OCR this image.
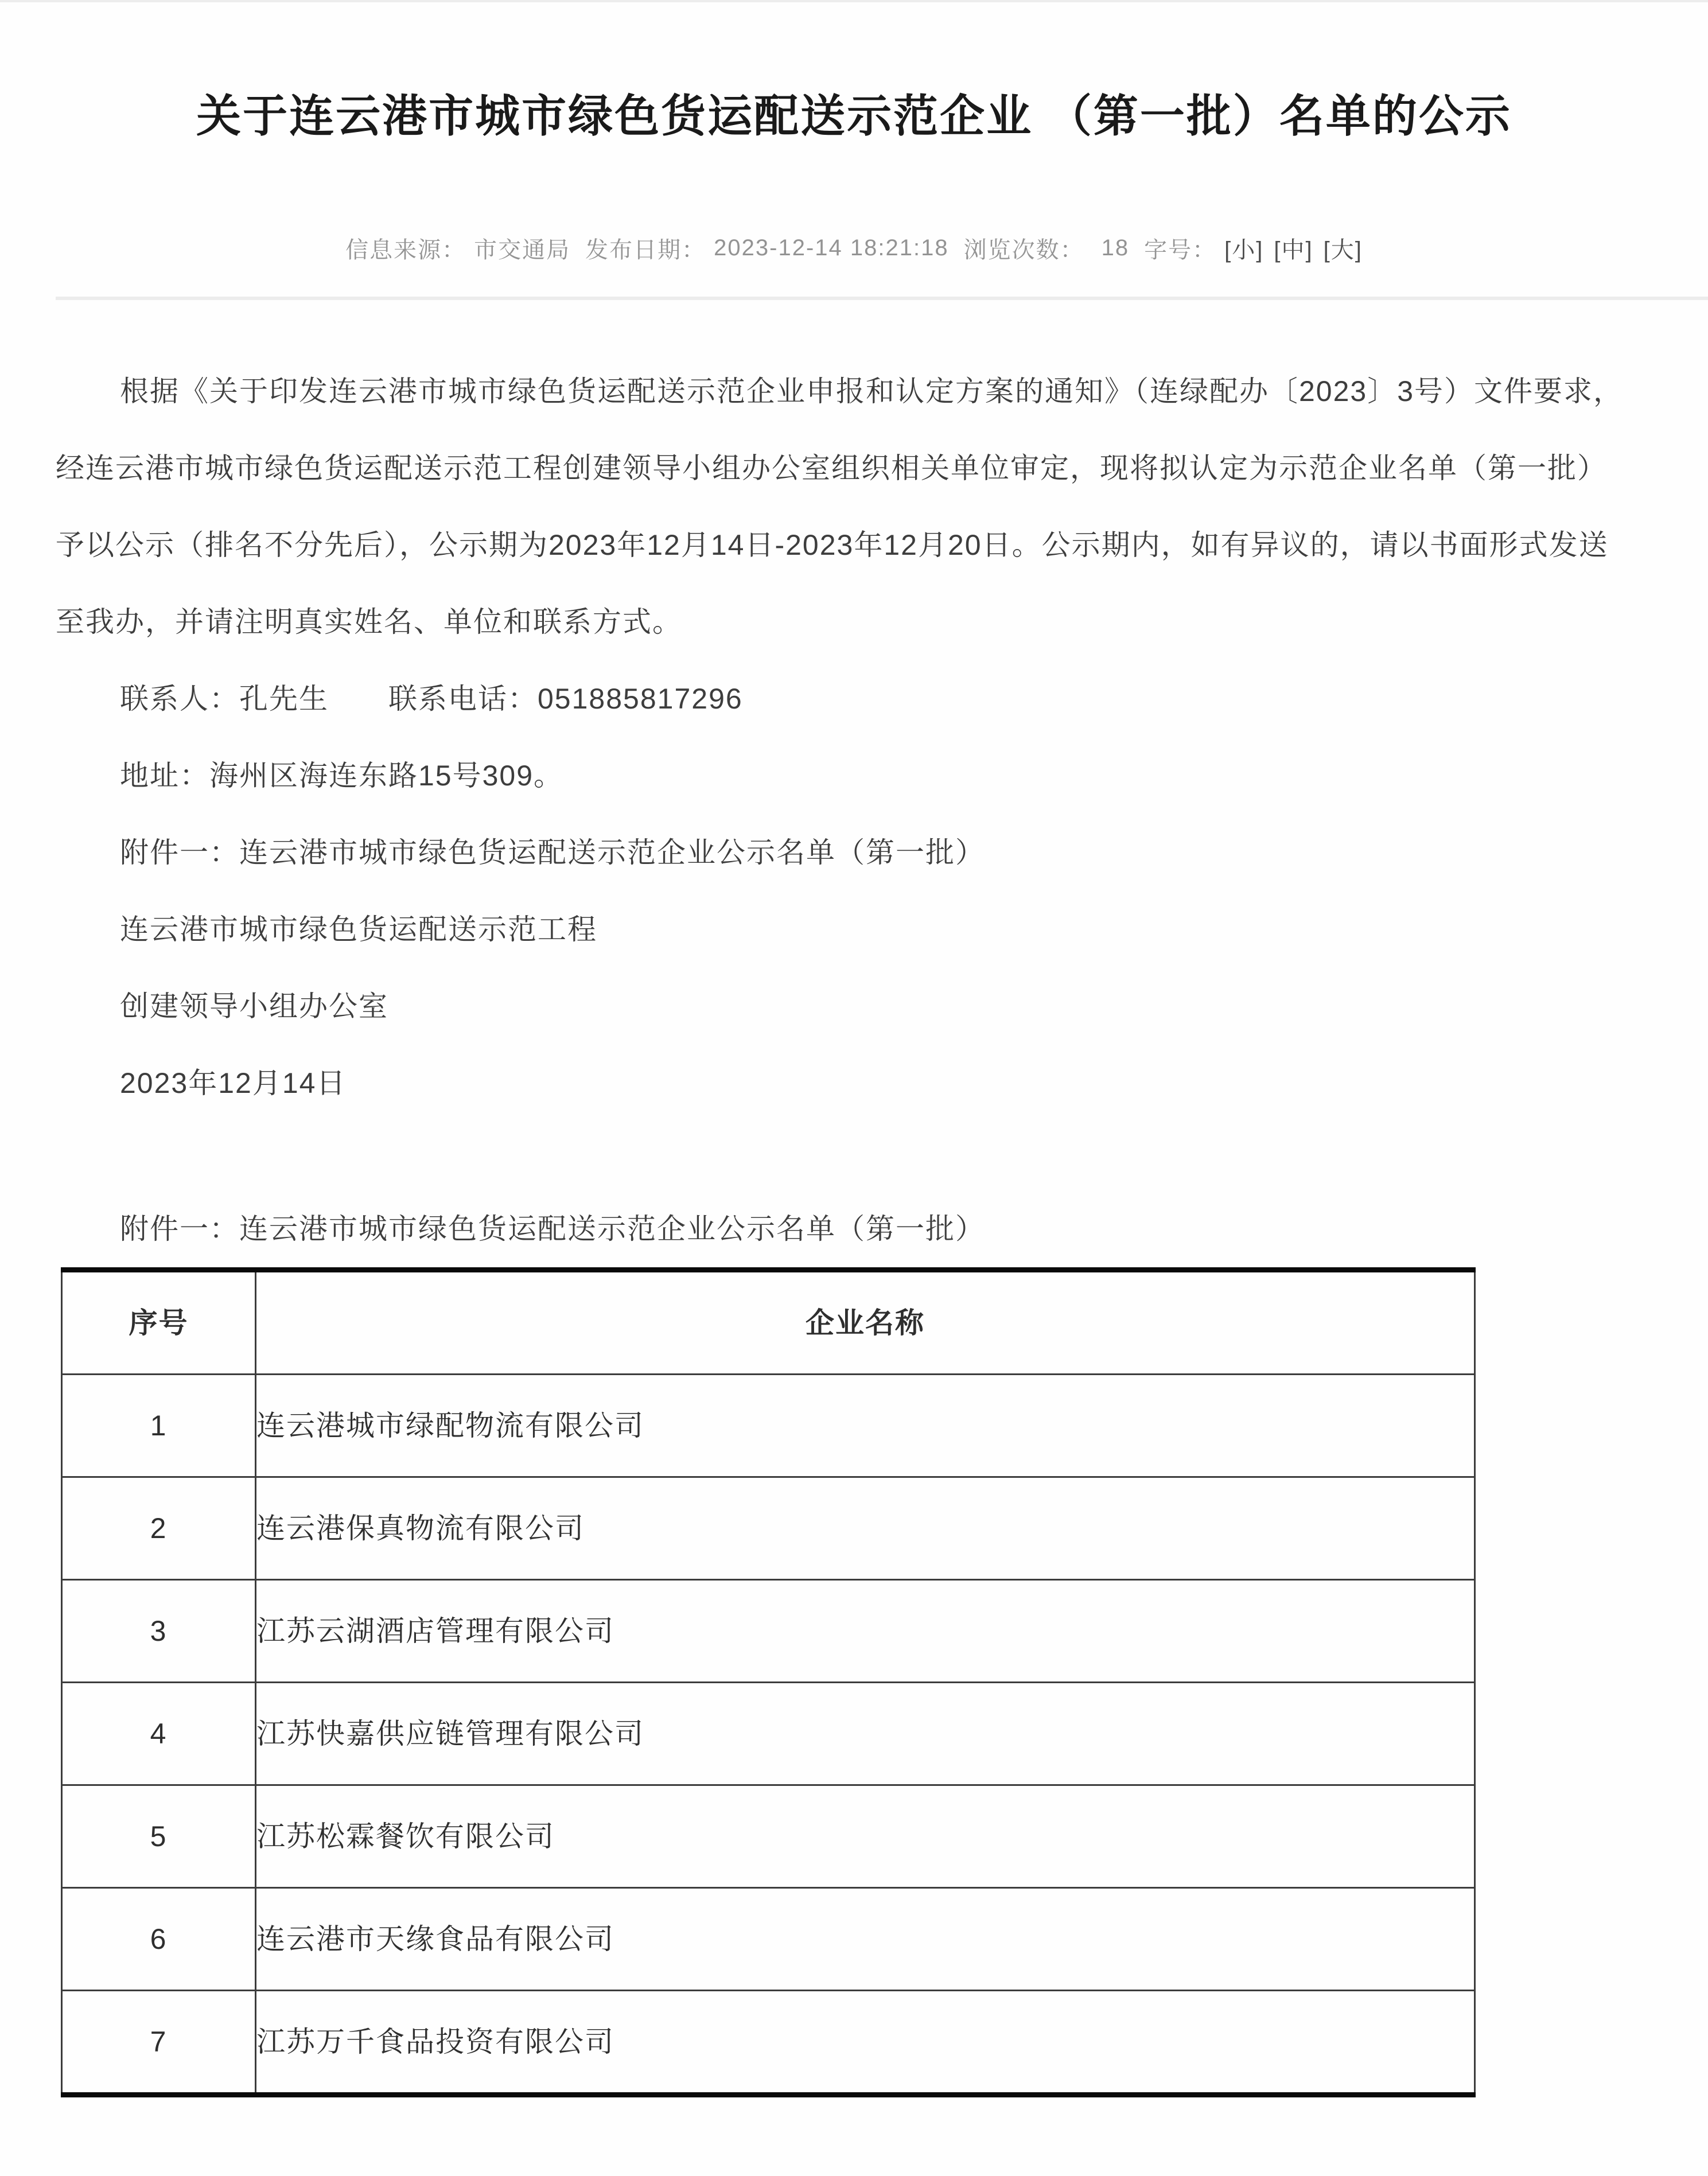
关于连云港市城市绿色货运配送示范企业 （第一批）名单的公示
信息来源： 市交通局 发布日期： 2023-12-14 18:21:18 浏览次数： 18 字号： [小] [中] [大]
根据《关于印发连云港市城市绿色货运配送示范企业申报和认定方案的通知》（连绿配办〔2023〕3号）文件要求，
经连云港市城市绿色货运配送示范工程创建领导小组办公室组织相关单位审定，现将拟认定为示范企业名单（第一批）
予以公示（排名不分先后），公示期为2023年12月14日-2023年12月20日。公示期内，如有异议的，请以书面形式发送
至我办，并请注明真实姓名、单位和联系方式。
联系人：孔先生　　联系电话：051885817296
地址：海州区海连东路15号309。
附件一：连云港市城市绿色货运配送示范企业公示名单（第一批）
连云港市城市绿色货运配送示范工程
创建领导小组办公室
2023年12月14日
附件一：连云港市城市绿色货运配送示范企业公示名单（第一批）
序号	企业名称
1	连云港城市绿配物流有限公司
2	连云港保真物流有限公司
3	江苏云湖酒店管理有限公司
4	江苏快嘉供应链管理有限公司
5	江苏松霖餐饮有限公司
6	连云港市天缘食品有限公司
7	江苏万千食品投资有限公司
